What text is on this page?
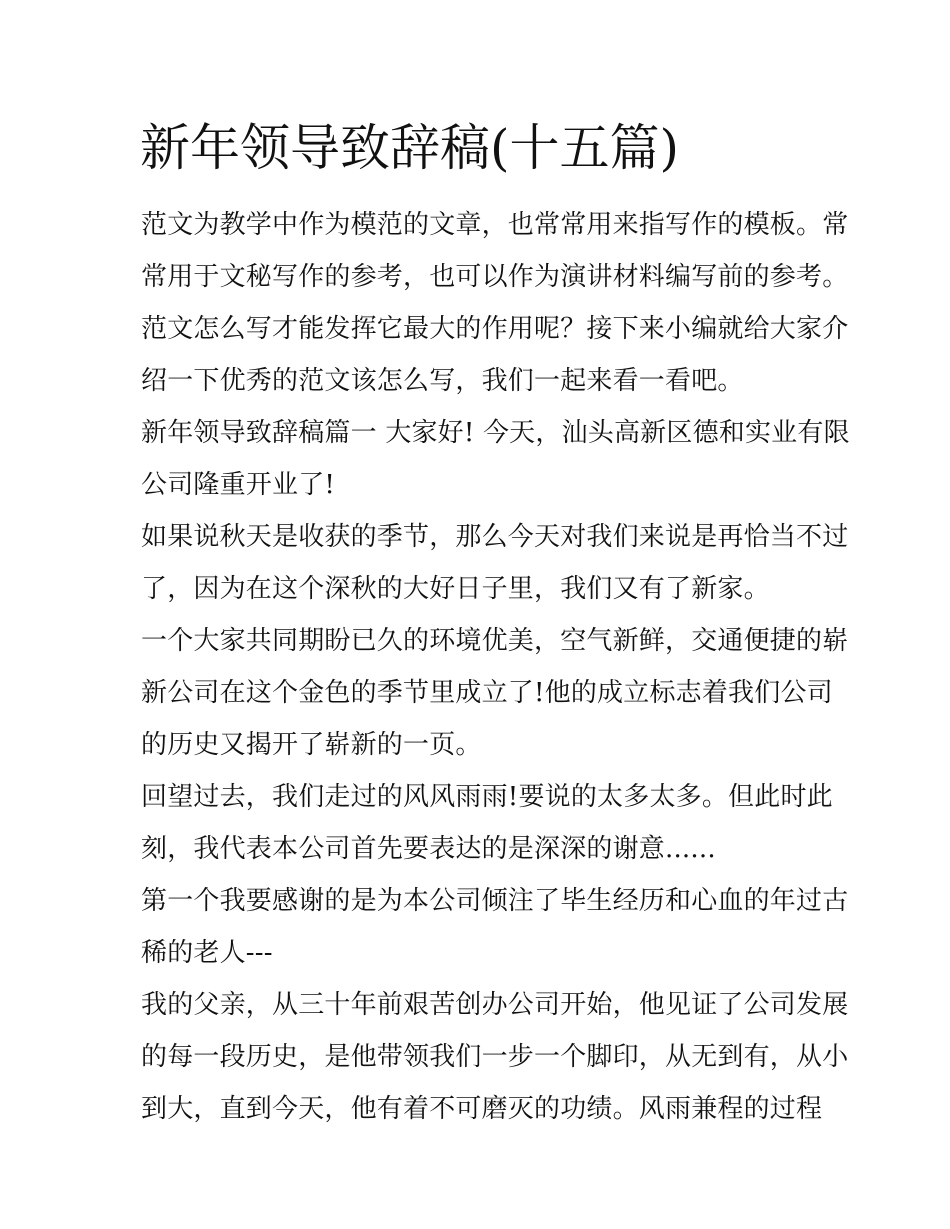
新年领导致辞稿(十五篇)
范文为教学中作为模范的文章，也常常用来指写作的模板。常
常用于文秘写作的参考，也可以作为演讲材料编写前的参考。
范文怎么写才能发挥它最大的作用呢？接下来小编就给大家介
绍一下优秀的范文该怎么写，我们一起来看一看吧。
新年领导致辞稿篇一 大家好! 今天，汕头高新区德和实业有限
公司隆重开业了!
如果说秋天是收获的季节，那么今天对我们来说是再恰当不过
了，因为在这个深秋的大好日子里，我们又有了新家。
一个大家共同期盼已久的环境优美，空气新鲜，交通便捷的崭
新公司在这个金色的季节里成立了!他的成立标志着我们公司
的历史又揭开了崭新的一页。
回望过去，我们走过的风风雨雨!要说的太多太多。但此时此
刻，我代表本公司首先要表达的是深深的谢意......
第一个我要感谢的是为本公司倾注了毕生经历和心血的年过古
稀的老人---
我的父亲，从三十年前艰苦创办公司开始，他见证了公司发展
的每一段历史，是他带领我们一步一个脚印，从无到有，从小
到大，直到今天，他有着不可磨灭的功绩。风雨兼程的过程
